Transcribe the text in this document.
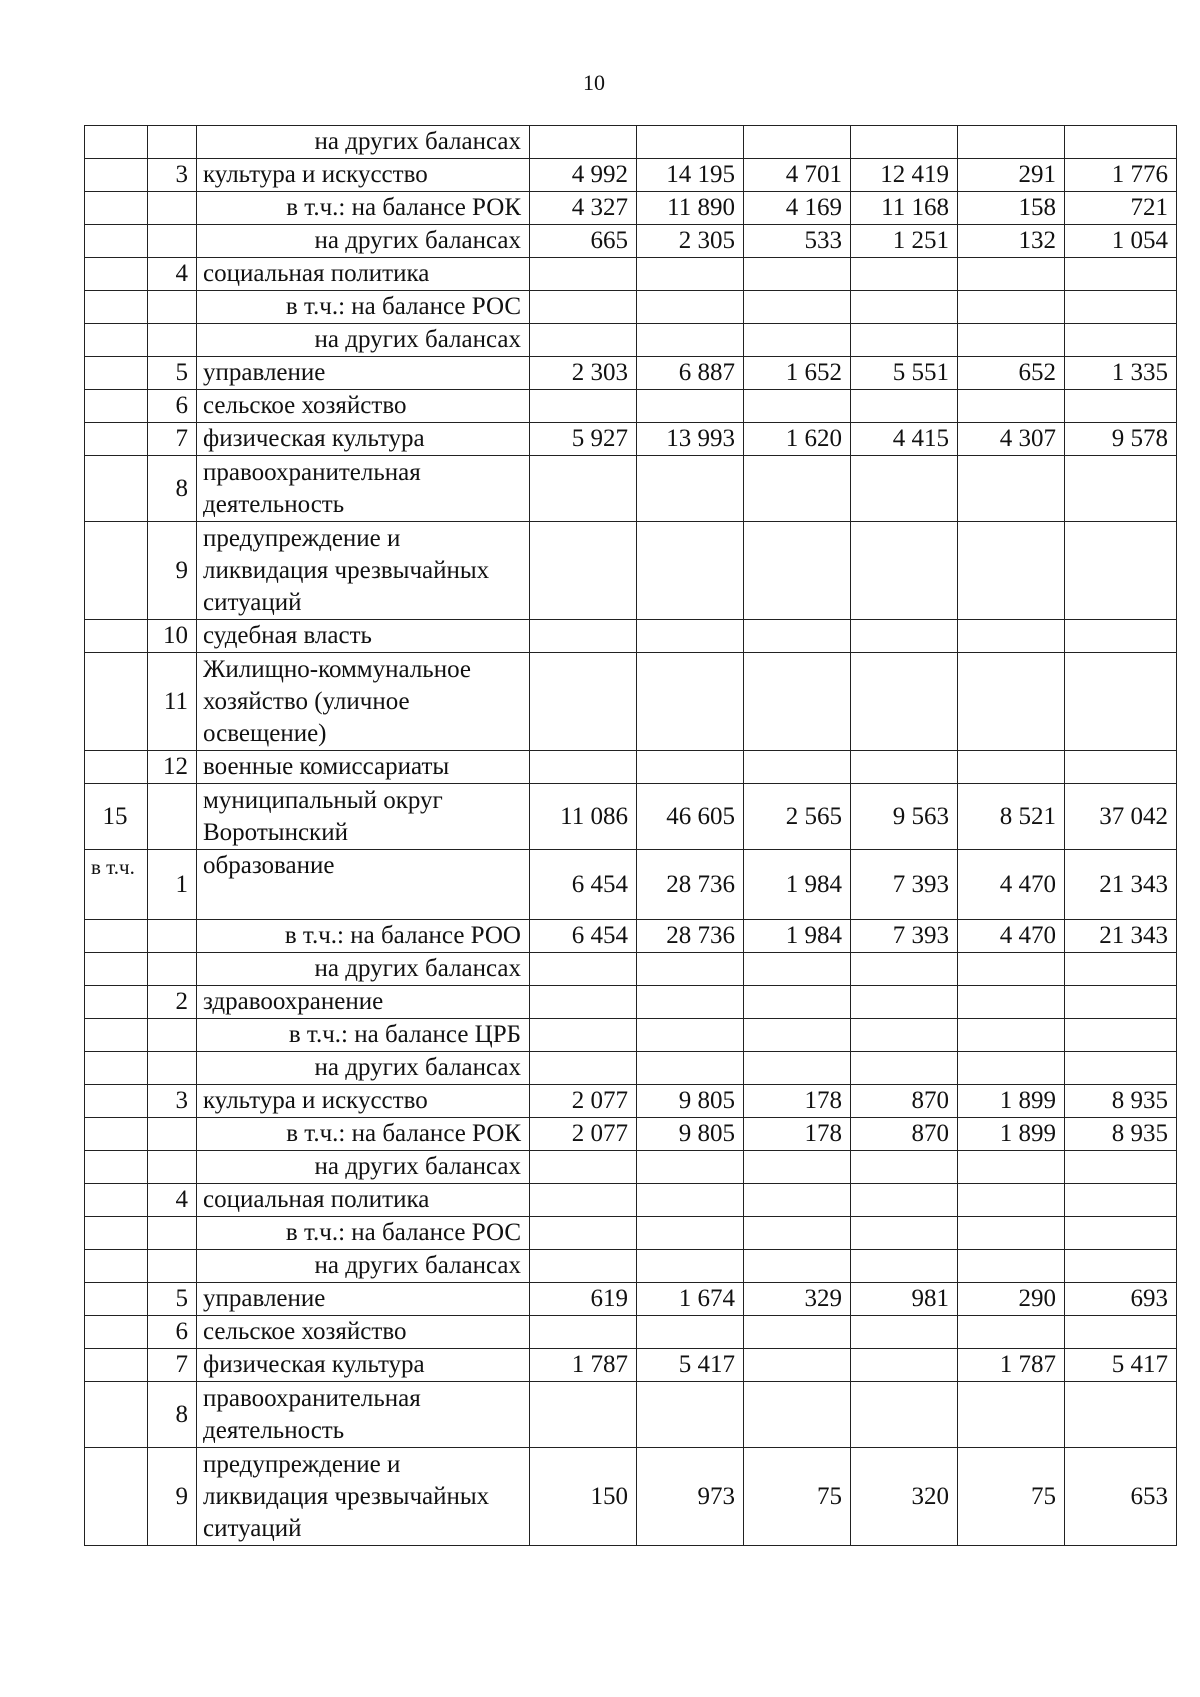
10
		на других балансах						
	3	культура и искусство	4 992	14 195	4 701	12 419	291	1 776
		в т.ч.: на балансе РОК	4 327	11 890	4 169	11 168	158	721
		на других балансах	665	2 305	533	1 251	132	1 054
	4	социальная политика						
		в т.ч.: на балансе РОС						
		на других балансах						
	5	управление	2 303	6 887	1 652	5 551	652	1 335
	6	сельское хозяйство						
	7	физическая культура	5 927	13 993	1 620	4 415	4 307	9 578
	8	правоохранительная деятельность						
	9	предупреждение и ликвидация чрезвычайных ситуаций						
	10	судебная власть						
	11	Жилищно-коммунальное хозяйство (уличное освещение)						
	12	военные комиссариаты						
15		муниципальный округ Воротынский	11 086	46 605	2 565	9 563	8 521	37 042
в т.ч.	1	образование	6 454	28 736	1 984	7 393	4 470	21 343
		в т.ч.: на балансе РОО	6 454	28 736	1 984	7 393	4 470	21 343
		на других балансах						
	2	здравоохранение						
		в т.ч.: на балансе ЦРБ						
		на других балансах						
	3	культура и искусство	2 077	9 805	178	870	1 899	8 935
		в т.ч.: на балансе РОК	2 077	9 805	178	870	1 899	8 935
		на других балансах						
	4	социальная политика						
		в т.ч.: на балансе РОС						
		на других балансах						
	5	управление	619	1 674	329	981	290	693
	6	сельское хозяйство						
	7	физическая культура	1 787	5 417			1 787	5 417
	8	правоохранительная деятельность						
	9	предупреждение и ликвидация чрезвычайных ситуаций	150	973	75	320	75	653
